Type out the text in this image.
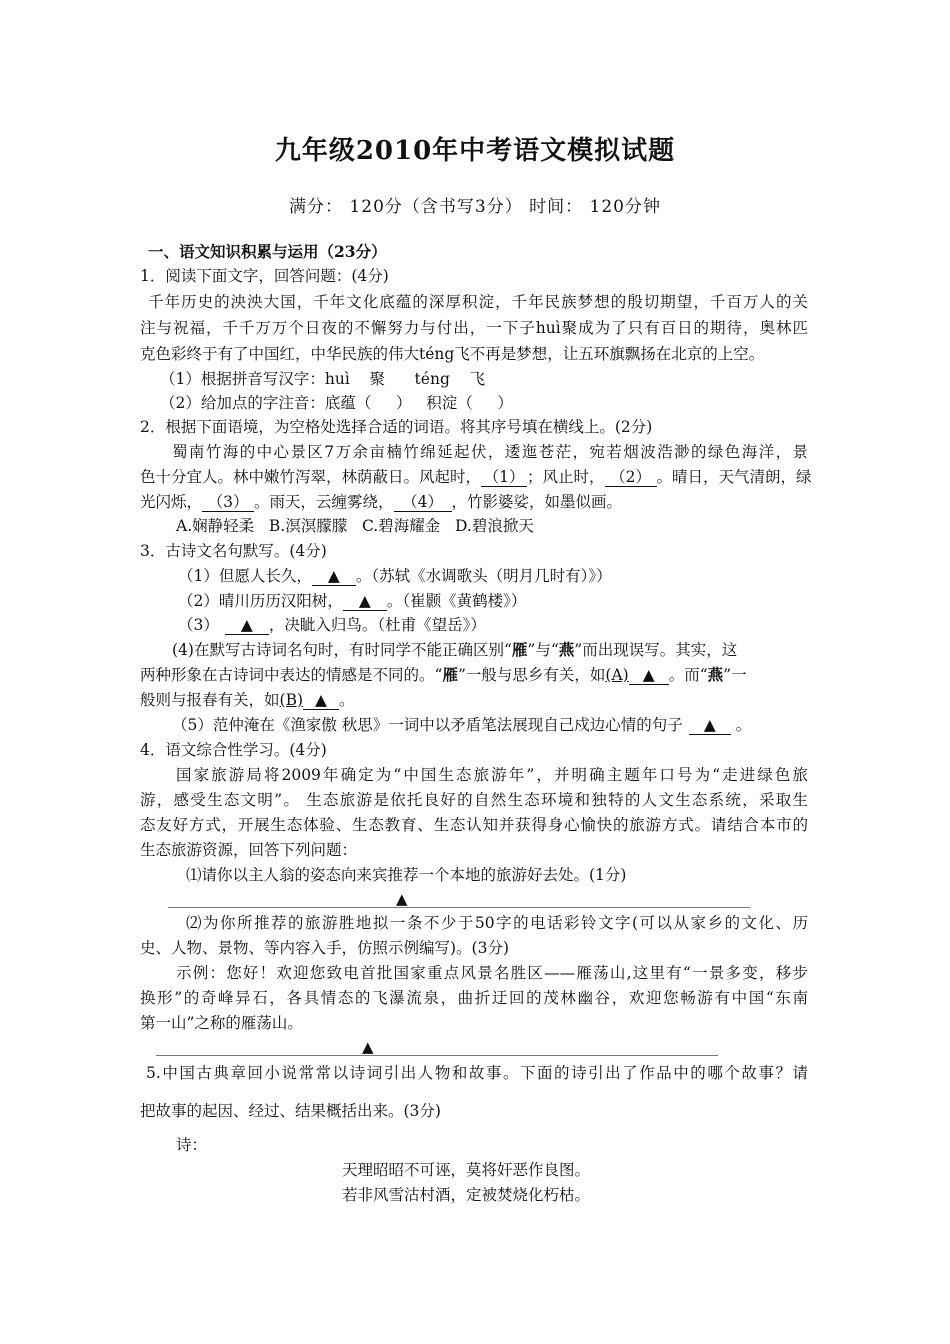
九年级2010年中考语文模拟试题
满分： 120分（含书写3分） 时间： 120分钟
一、语文知识积累与运用（23分）
1．阅读下面文字，回答问题：(4分)
千年历史的泱泱大国，千年文化底蕴的深厚积淀，千年民族梦想的殷切期望，千百万人的关
注与祝福，千千万万个日夜的不懈努力与付出，一下子huì聚成为了只有百日的期待，奥林匹
克色彩终于有了中国红，中华民族的伟大téng飞不再是梦想，让五环旗飘扬在北京的上空。
（1）根据拼音写汉字：huì    聚      téng    飞
（2）给加点的字注音：底蕴（     ）   积淀（     ）
2．根据下面语境，为空格处选择合适的词语。将其序号填在横线上。(2分)
蜀南竹海的中心景区7万余亩楠竹绵延起伏，逶迤苍茫，宛若烟波浩渺的绿色海洋，景
色十分宜人。林中嫩竹泻翠，林荫蔽日。风起时， （1） ；风止时， （2） 。晴日，天气清朗，绿
光闪烁， （3） 。雨天，云缠雾绕， （4） ，竹影婆娑，如墨似画。
A.娴静轻柔   B.溟溟朦朦   C.碧海耀金   D.碧浪掀天
3．古诗文名句默写。(4分)
（1）但愿人长久， ▲ 。（苏轼《水调歌头（明月几时有）》）
（2）晴川历历汉阳树， ▲ 。（崔颢《黄鹤楼》）
（3） ▲ ，决眦入归鸟。（杜甫《望岳》）
(4)在默写古诗词名句时，有时同学不能正确区别“雁”与“燕”而出现误写。其实，这
两种形象在古诗词中表达的情感是不同的。“雁”一般与思乡有关，如(A) ▲ 。而“燕”一
般则与报春有关，如(B) ▲ 。
（5）范仲淹在《渔家傲 秋思》一词中以矛盾笔法展现自己戍边心情的句子 ▲ 。
4．语文综合性学习。(4分)
国家旅游局将2009年确定为“中国生态旅游年”，并明确主题年口号为“走进绿色旅
游，感受生态文明”。 生态旅游是依托良好的自然生态环境和独特的人文生态系统，采取生
态友好方式，开展生态体验、生态教育、生态认知并获得身心愉快的旅游方式。请结合本市的
生态旅游资源，回答下列问题：
⑴请你以主人翁的姿态向来宾推荐一个本地的旅游好去处。(1分)
▲
⑵为你所推荐的旅游胜地拟一条不少于50字的电话彩铃文字(可以从家乡的文化、历
史、人物、景物、等内容入手，仿照示例编写)。(3分)
示例：您好！欢迎您致电首批国家重点风景名胜区——雁荡山,这里有“一景多变，移步
换形”的奇峰异石，各具情态的飞瀑流泉，曲折迂回的茂林幽谷，欢迎您畅游有中国“东南
第一山”之称的雁荡山。
▲
5.中国古典章回小说常常以诗词引出人物和故事。下面的诗引出了作品中的哪个故事？请
把故事的起因、经过、结果概括出来。(3分)
诗：
天理昭昭不可诬，莫将奸恶作良图。
若非风雪沽村酒，定被焚烧化朽枯。
